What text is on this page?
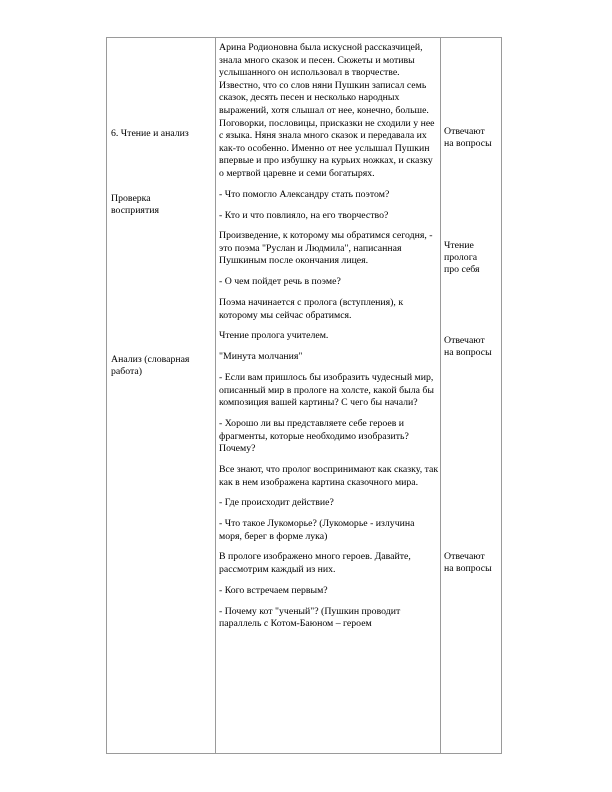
6. Чтение и анализ
Проверка восприятия
Анализ (словарная работа)

Арина Родионовна была искусной рассказчицей, знала много сказок и песен. Сюжеты и мотивы услышанного он использовал в творчестве. Известно, что со слов няни Пушкин записал семь сказок, десять песен и несколько народных выражений, хотя слышал от нее, конечно, больше. Поговорки, пословицы, присказки не сходили у нее с языка. Няня знала много сказок и передавала их как-то особенно. Именно от нее услышал Пушкин впервые и про избушку на курьих ножках, и сказку о мертвой царевне и семи богатырях.

- Что помогло Александру стать поэтом?

- Кто и что повлияло, на его творчество?

Произведение, к которому мы обратимся сегодня, - это поэма "Руслан и Людмила", написанная Пушкиным после окончания лицея.

- О чем пойдет речь в поэме?

Поэма начинается с пролога (вступления), к которому мы сейчас обратимся.

Чтение пролога учителем.

"Минута молчания"

- Если вам пришлось бы изобразить чудесный мир, описанный мир в прологе на холсте, какой была бы композиция вашей картины? С чего бы начали?

- Хорошо ли вы представляете себе героев и фрагменты, которые необходимо изобразить? Почему?

Все знают, что пролог воспринимают как сказку, так как в нем изображена картина сказочного мира.

- Где происходит действие?

- Что такое Лукоморье? (Лукоморье - излучина моря, берег в форме лука)

В прологе изображено много героев. Давайте, рассмотрим каждый из них.

- Кого встречаем первым?

- Почему кот "ученый"? (Пушкин проводит параллель с Котом-Баюном – героем

Отвечают на вопросы
Чтение пролога про себя
Отвечают на вопросы
Отвечают на вопросы
